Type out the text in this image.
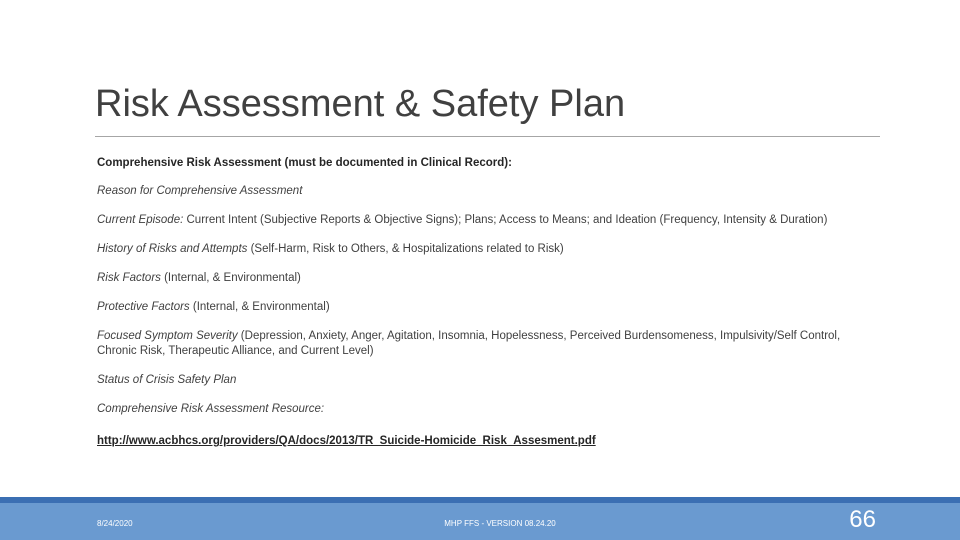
Risk Assessment & Safety Plan

Comprehensive Risk Assessment (must be documented in Clinical Record):

Reason for Comprehensive Assessment

Current Episode: Current Intent (Subjective Reports & Objective Signs); Plans; Access to Means; and Ideation (Frequency, Intensity & Duration)

History of Risks and Attempts (Self-Harm, Risk to Others, & Hospitalizations related to Risk)

Risk Factors (Internal, & Environmental)

Protective Factors (Internal, & Environmental)

Focused Symptom Severity (Depression, Anxiety, Anger, Agitation, Insomnia, Hopelessness, Perceived Burdensomeness, Impulsivity/Self Control, Chronic Risk, Therapeutic Alliance, and Current Level)

Status of Crisis Safety Plan

Comprehensive Risk Assessment Resource:

http://www.acbhcs.org/providers/QA/docs/2013/TR_Suicide-Homicide_Risk_Assesment.pdf
8/24/2020	MHP FFS - VERSION 08.24.20	66
